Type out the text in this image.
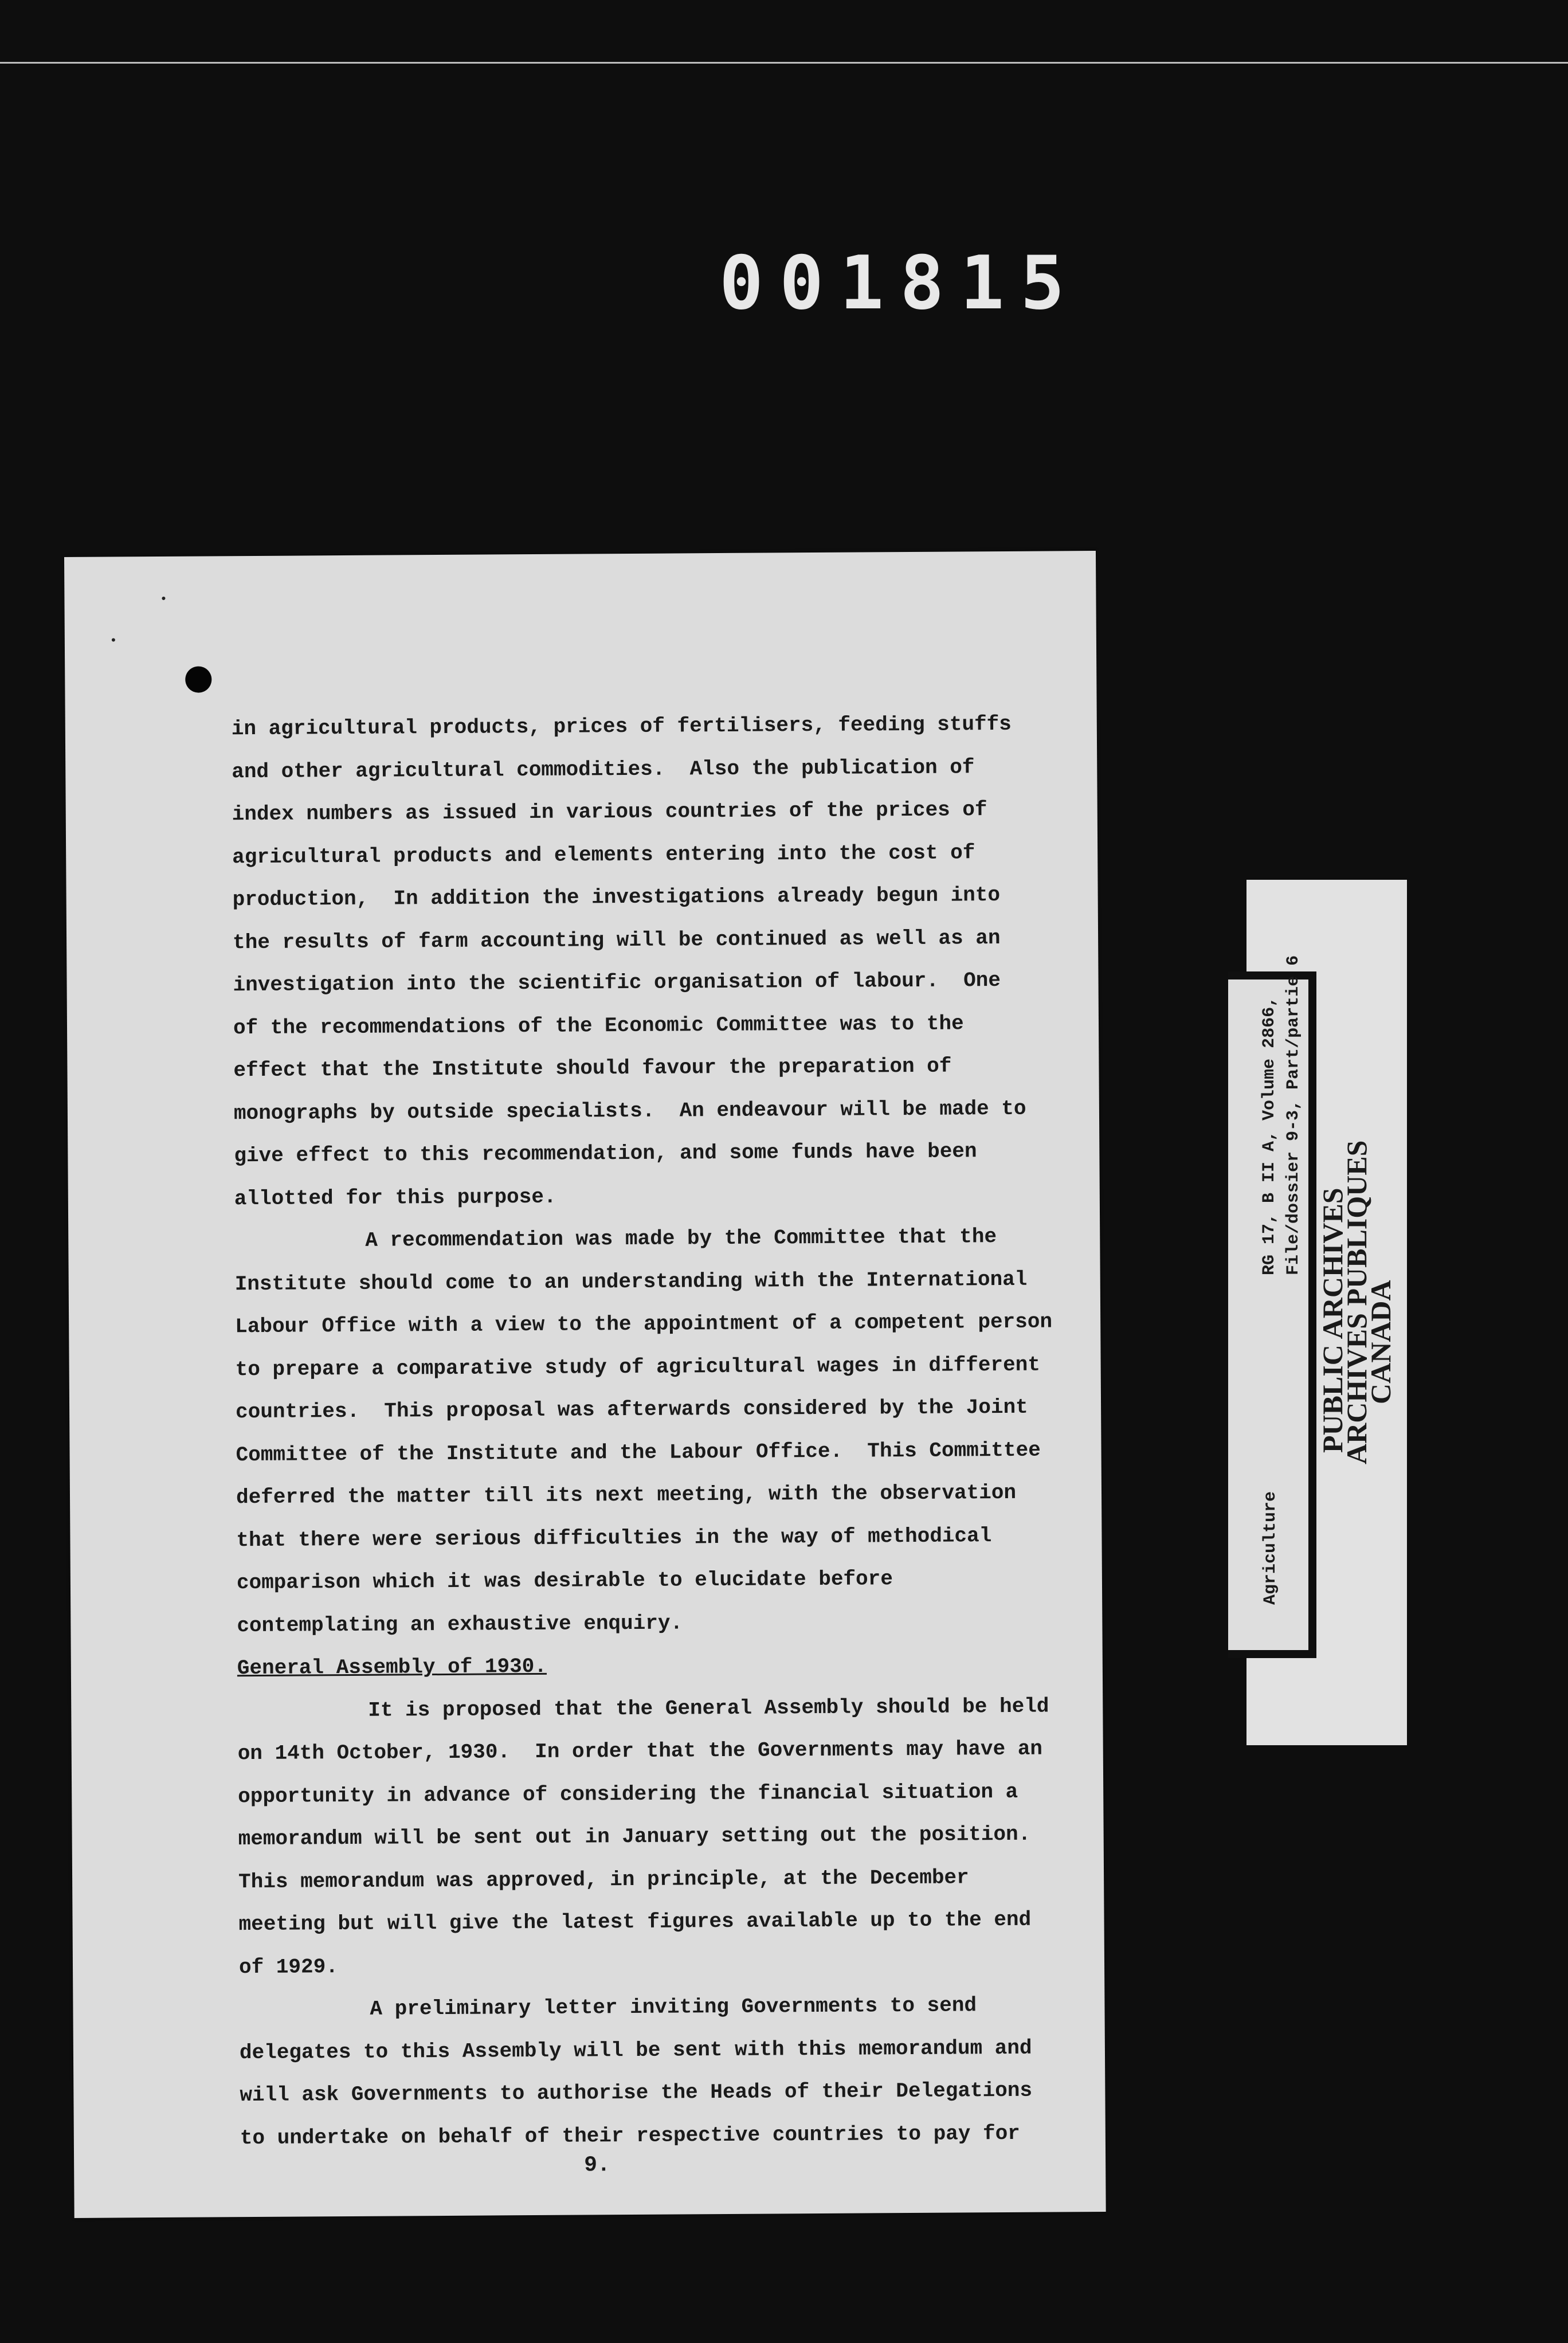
001815
in agricultural products, prices of fertilisers, feeding stuffs
and other agricultural commodities.  Also the publication of
index numbers as issued in various countries of the prices of
agricultural products and elements entering into the cost of
production,  In addition the investigations already begun into
the results of farm accounting will be continued as well as an
investigation into the scientific organisation of labour.  One
of the recommendations of the Economic Committee was to the
effect that the Institute should favour the preparation of
monographs by outside specialists.  An endeavour will be made to
give effect to this recommendation, and some funds have been
allotted for this purpose.
A recommendation was made by the Committee that the
Institute should come to an understanding with the International
Labour Office with a view to the appointment of a competent person
to prepare a comparative study of agricultural wages in different
countries.  This proposal was afterwards considered by the Joint
Committee of the Institute and the Labour Office.  This Committee
deferred the matter till its next meeting, with the observation
that there were serious difficulties in the way of methodical
comparison which it was desirable to elucidate before
contemplating an exhaustive enquiry.
General Assembly of 1930.
It is proposed that the General Assembly should be held
on 14th October, 1930.  In order that the Governments may have an
opportunity in advance of considering the financial situation a
memorandum will be sent out in January setting out the position.
This memorandum was approved, in principle, at the December
meeting but will give the latest figures available up to the end
of 1929.
A preliminary letter inviting Governments to send
delegates to this Assembly will be sent with this memorandum and
will ask Governments to authorise the Heads of their Delegations
to undertake on behalf of their respective countries to pay for
9.
Agriculture
RG 17, B II A, Volume 2866, File/dossier 9-3, Part/partie 6
PUBLIC ARCHIVES
ARCHIVES PUBLIQUES
CANADA
